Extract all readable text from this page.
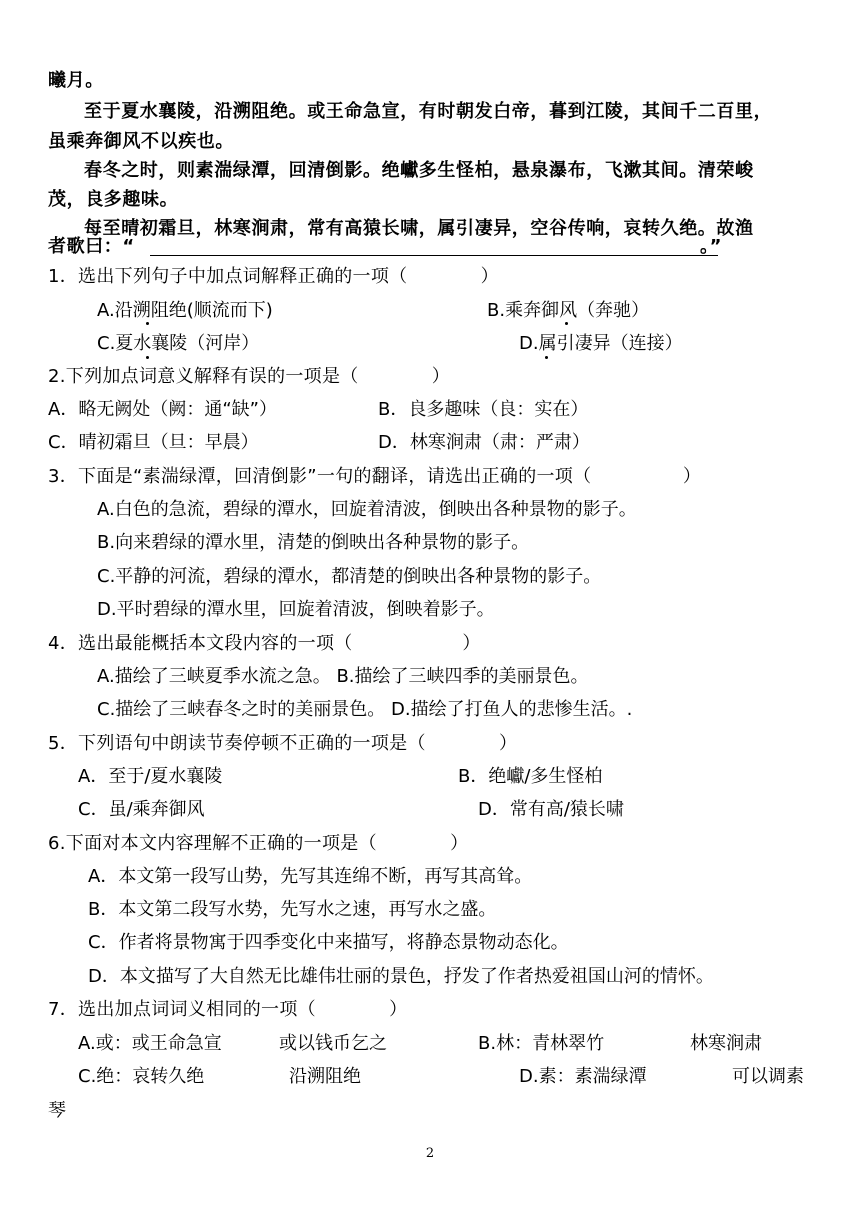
曦月。
至于夏水襄陵，沿溯阻绝。或王命急宣，有时朝发白帝，暮到江陵，其间千二百里，
虽乘奔御风不以疾也。
春冬之时，则素湍绿潭，回清倒影。绝巘多生怪柏，悬泉瀑布，飞漱其间。清荣峻
茂，良多趣味。
每至晴初霜旦，林寒涧肃，常有高猿长啸，属引凄异，空谷传响，哀转久绝。故渔
者歌曰：“	。”
1．选出下列句子中加点词解释正确的一项（　　　　）
A.沿溯阻绝(顺流而下)	B.乘奔御风（奔驰）
C.夏水襄陵（河岸）	D.属引凄异（连接）
2.下列加点词意义解释有误的一项是（　　　　）
A．略无阙处（阙：通“缺”）	B．良多趣味（良：实在）
C．晴初霜旦（旦：早晨）	D．林寒涧肃（肃：严肃）
3．下面是“素湍绿潭，回清倒影”一句的翻译，请选出正确的一项（　　　　　）
A.白色的急流，碧绿的潭水，回旋着清波，倒映出各种景物的影子。
B.向来碧绿的潭水里，清楚的倒映出各种景物的影子。
C.平静的河流，碧绿的潭水，都清楚的倒映出各种景物的影子。
D.平时碧绿的潭水里，回旋着清波，倒映着影子。
4．选出最能概括本文段内容的一项（　　　　　　）
A.描绘了三峡夏季水流之急。 B.描绘了三峡四季的美丽景色。
C.描绘了三峡春冬之时的美丽景色。 D.描绘了打鱼人的悲惨生活。.
5．下列语句中朗读节奏停顿不正确的一项是（　　　　）
A．至于/夏水襄陵	B．绝巘/多生怪柏
C．虽/乘奔御风	D．常有高/猿长啸
6.下面对本文内容理解不正确的一项是（　　　　）
A．本文第一段写山势，先写其连绵不断，再写其高耸。
B．本文第二段写水势，先写水之速，再写水之盛。
C．作者将景物寓于四季变化中来描写，将静态景物动态化。
D．本文描写了大自然无比雄伟壮丽的景色，抒发了作者热爱祖国山河的情怀。
7．选出加点词词义相同的一项（　　　　）
A.或：或王命急宣	或以钱币乞之	B.林：青林翠竹	林寒涧肃
C.绝：哀转久绝	沿溯阻绝	D.素：素湍绿潭	可以调素
琴
2
